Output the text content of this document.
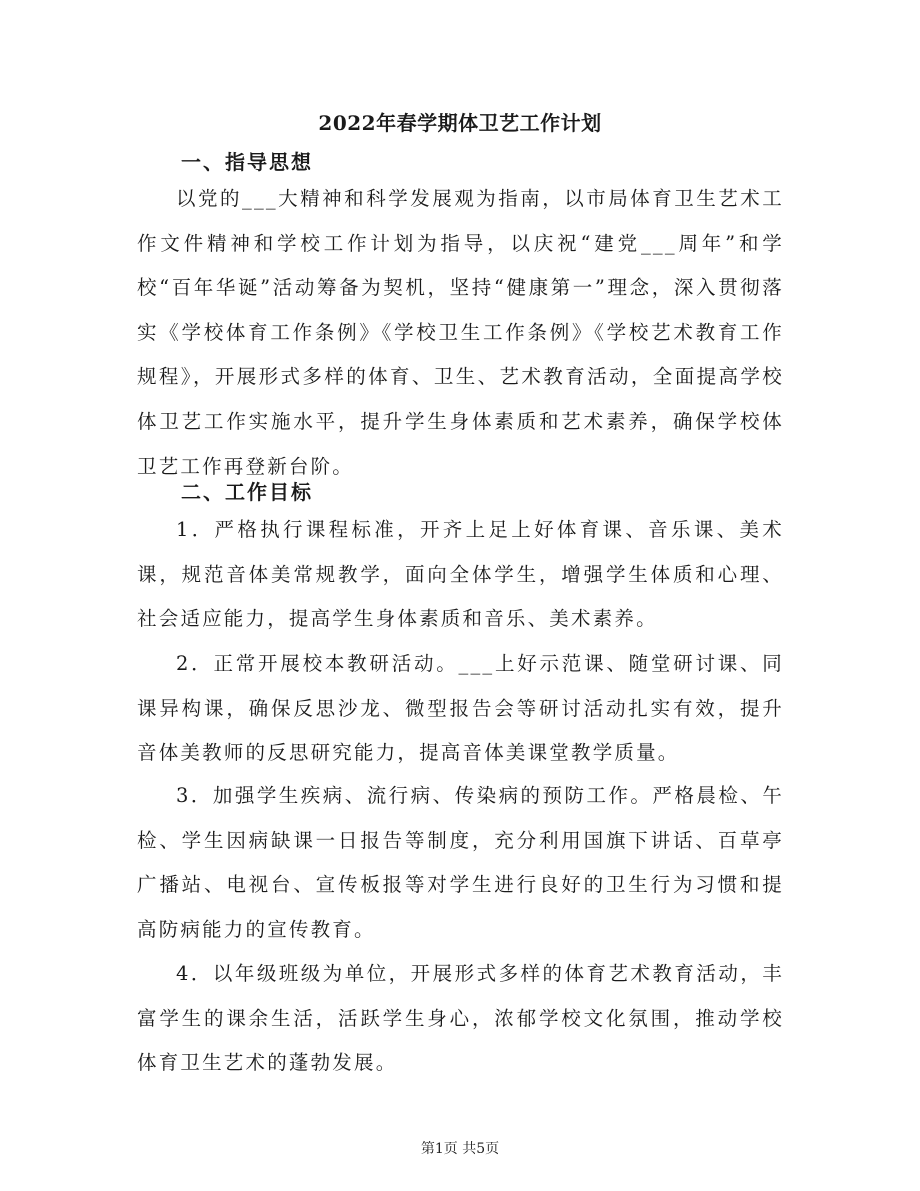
2022年春学期体卫艺工作计划
一、指导思想

以党的___大精神和科学发展观为指南，以市局体育卫生艺术工作文件精神和学校工作计划为指导，以庆祝“建党___周年”和学校“百年华诞”活动筹备为契机，坚持“健康第一”理念，深入贯彻落实《学校体育工作条例》《学校卫生工作条例》《学校艺术教育工作规程》，开展形式多样的体育、卫生、艺术教育活动，全面提高学校体卫艺工作实施水平，提升学生身体素质和艺术素养，确保学校体卫艺工作再登新台阶。

二、工作目标

1．严格执行课程标准，开齐上足上好体育课、音乐课、美术课，规范音体美常规教学，面向全体学生，增强学生体质和心理、社会适应能力，提高学生身体素质和音乐、美术素养。

2．正常开展校本教研活动。___上好示范课、随堂研讨课、同课异构课，确保反思沙龙、微型报告会等研讨活动扎实有效，提升音体美教师的反思研究能力，提高音体美课堂教学质量。

3．加强学生疾病、流行病、传染病的预防工作。严格晨检、午检、学生因病缺课一日报告等制度，充分利用国旗下讲话、百草亭广播站、电视台、宣传板报等对学生进行良好的卫生行为习惯和提高防病能力的宣传教育。

4．以年级班级为单位，开展形式多样的体育艺术教育活动，丰富学生的课余生活，活跃学生身心，浓郁学校文化氛围，推动学校体育卫生艺术的蓬勃发展。

第1页 共5页
